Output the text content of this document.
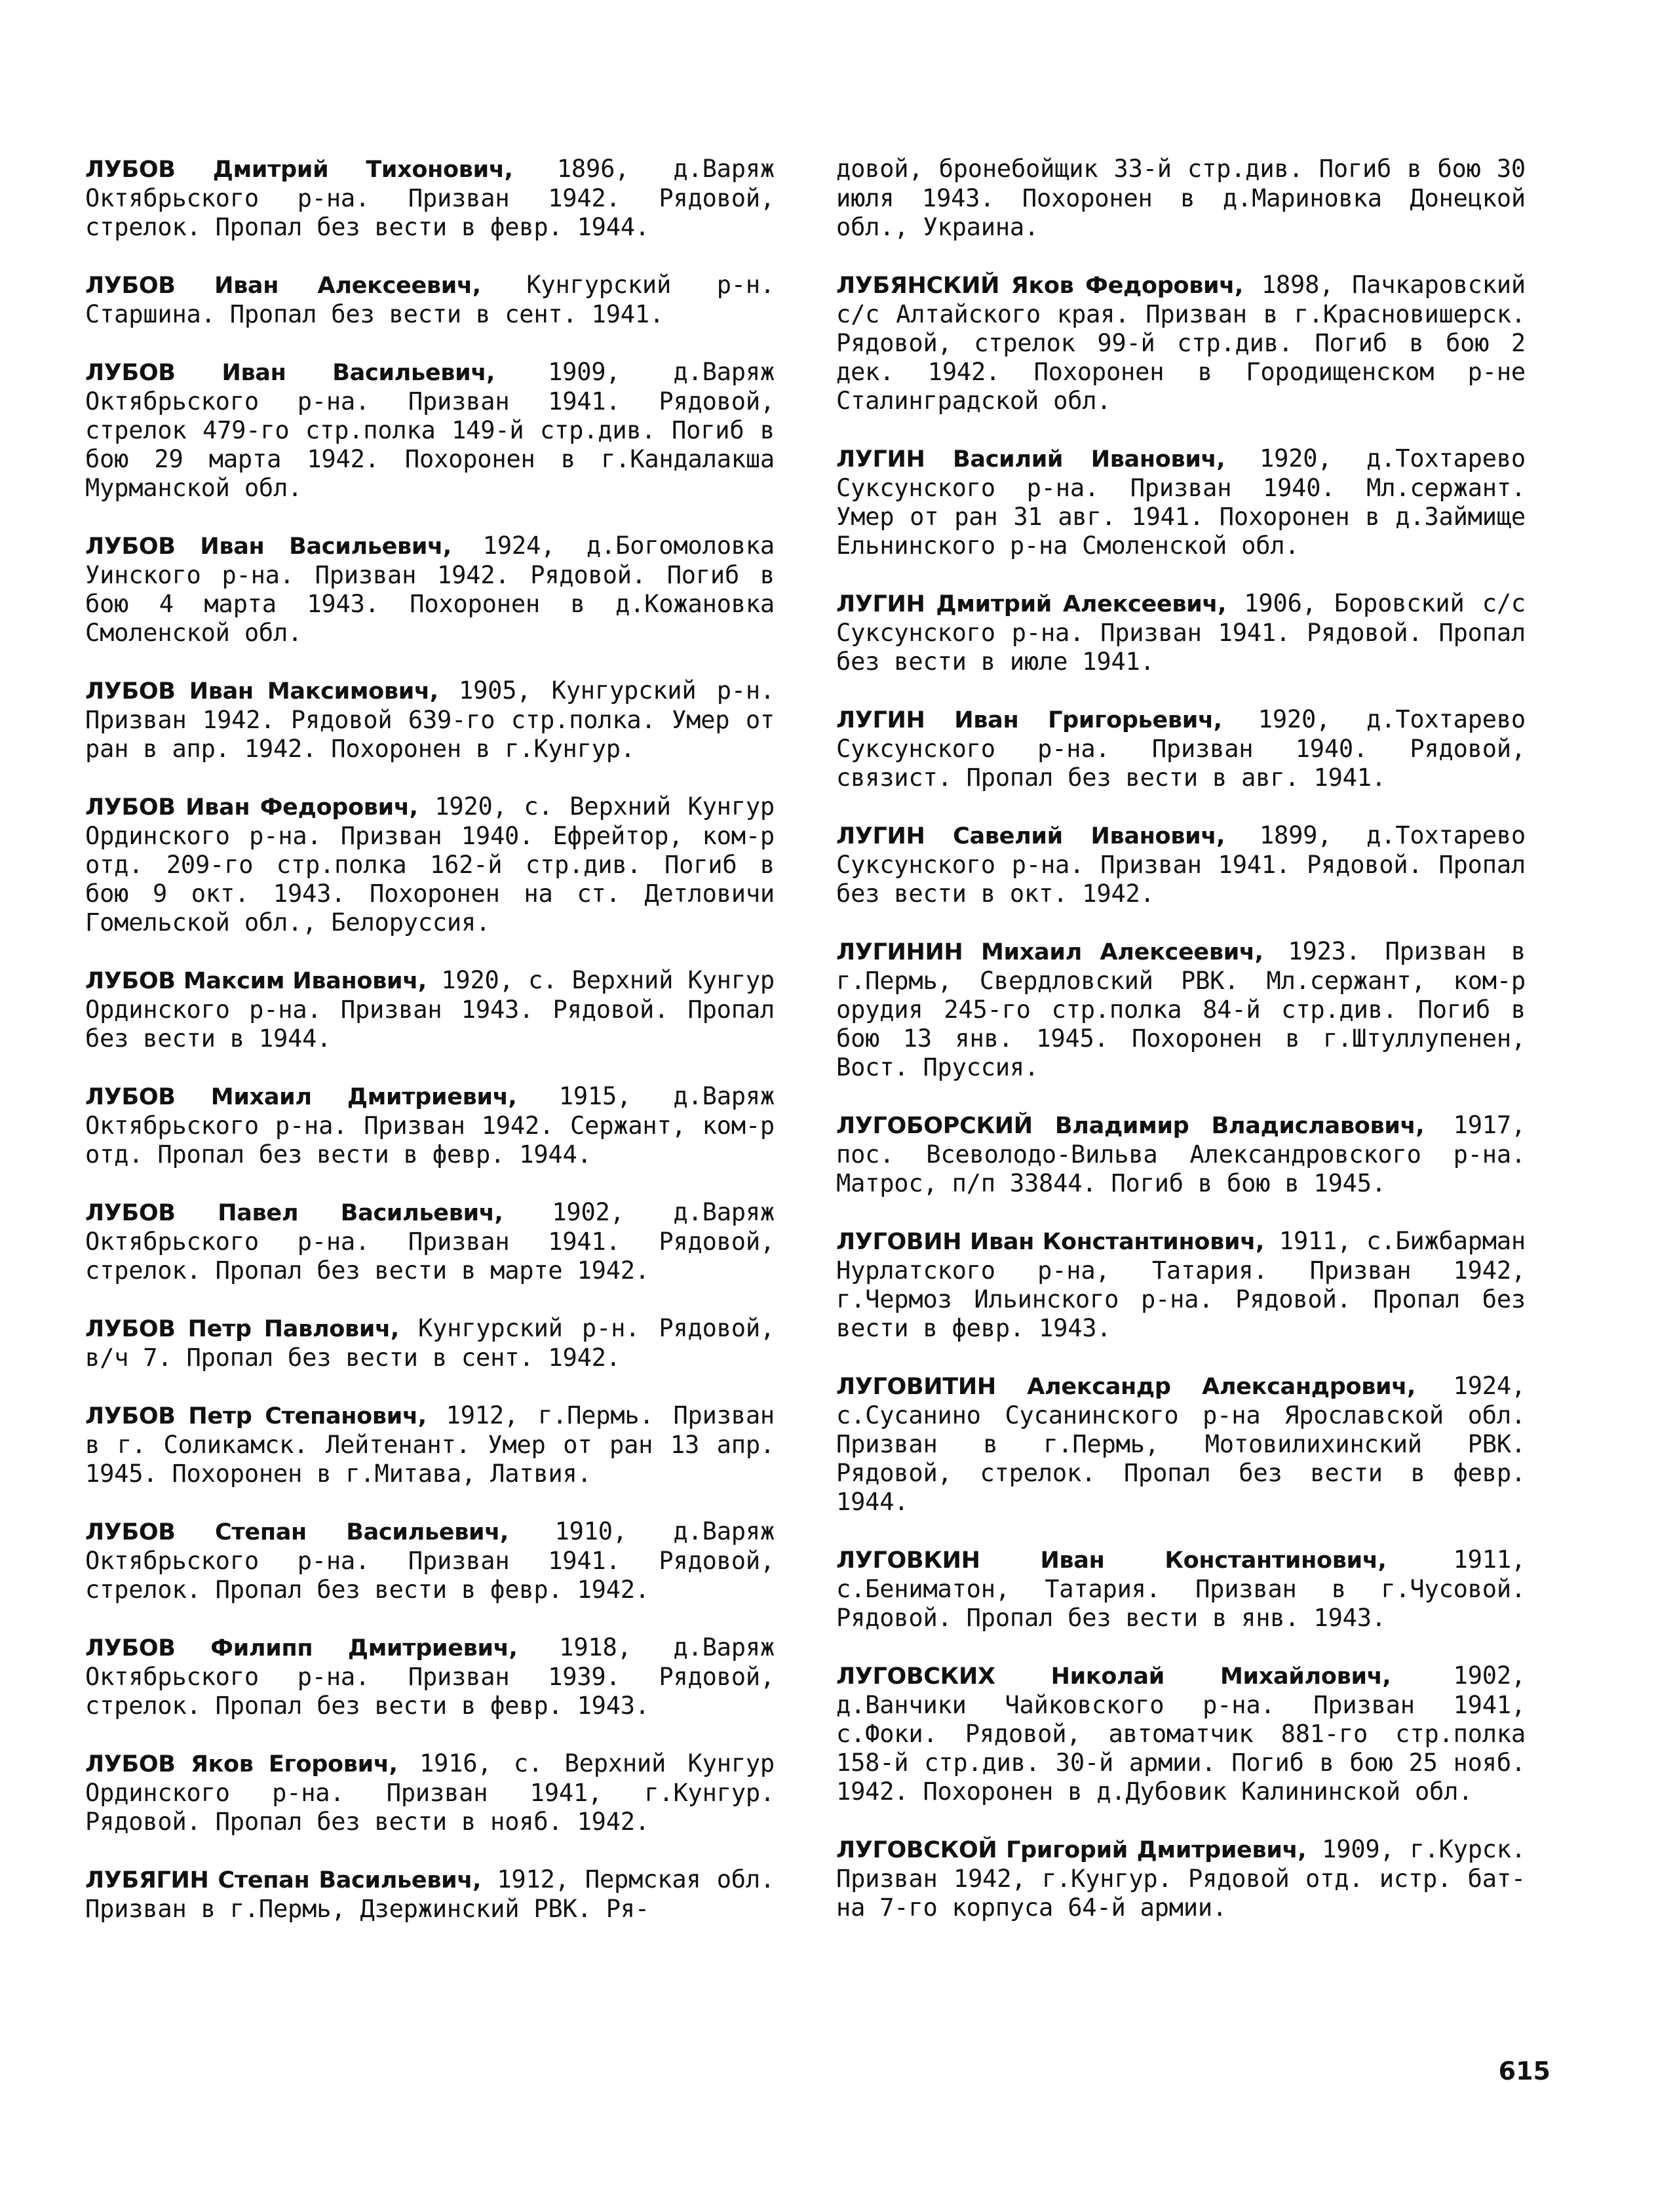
ЛУБОВ Дмитрий Тихонович, 1896, д.Варяж Октябрьского р-на. Призван 1942. Рядовой, стрелок. Пропал без вести в февр. 1944.

ЛУБОВ Иван Алексеевич, Кунгурский р-н. Старшина. Пропал без вести в сент. 1941.

ЛУБОВ Иван Васильевич, 1909, д.Варяж Октябрьского р-на. Призван 1941. Рядовой, стрелок 479-го стр.полка 149-й стр.див. Погиб в бою 29 марта 1942. Похоронен в г.Кандалакша Мурманской обл.

ЛУБОВ Иван Васильевич, 1924, д.Богомоловка Уинского р-на. Призван 1942. Рядовой. Погиб в бою 4 марта 1943. Похоронен в д.Кожановка Смоленской обл.

ЛУБОВ Иван Максимович, 1905, Кунгурский р-н. Призван 1942. Рядовой 639-го стр.полка. Умер от ран в апр. 1942. Похоронен в г.Кунгур.

ЛУБОВ Иван Федорович, 1920, с. Верхний Кунгур Ординского р-на. Призван 1940. Ефрейтор, ком-р отд. 209-го стр.полка 162-й стр.див. Погиб в бою 9 окт. 1943. Похоронен на ст. Детловичи Гомельской обл., Белоруссия.

ЛУБОВ Максим Иванович, 1920, с. Верхний Кунгур Ординского р-на. Призван 1943. Рядовой. Пропал без вести в 1944.

ЛУБОВ Михаил Дмитриевич, 1915, д.Варяж Октябрьского р-на. Призван 1942. Сержант, ком-р отд. Пропал без вести в февр. 1944.

ЛУБОВ Павел Васильевич, 1902, д.Варяж Октябрьского р-на. Призван 1941. Рядовой, стрелок. Пропал без вести в марте 1942.

ЛУБОВ Петр Павлович, Кунгурский р-н. Рядовой, в/ч 7. Пропал без вести в сент. 1942.

ЛУБОВ Петр Степанович, 1912, г.Пермь. Призван в г. Соликамск. Лейтенант. Умер от ран 13 апр. 1945. Похоронен в г.Митава, Латвия.

ЛУБОВ Степан Васильевич, 1910, д.Варяж Октябрьского р-на. Призван 1941. Рядовой, стрелок. Пропал без вести в февр. 1942.

ЛУБОВ Филипп Дмитриевич, 1918, д.Варяж Октябрьского р-на. Призван 1939. Рядовой, стрелок. Пропал без вести в февр. 1943.

ЛУБОВ Яков Егорович, 1916, с. Верхний Кунгур Ординского р-на. Призван 1941, г.Кунгур. Рядовой. Пропал без вести в нояб. 1942.

ЛУБЯГИН Степан Васильевич, 1912, Пермская обл. Призван в г.Пермь, Дзержинский РВК. Ря-

довой, бронебойщик 33-й стр.див. Погиб в бою 30 июля 1943. Похоронен в д.Мариновка Донецкой обл., Украина.

ЛУБЯНСКИЙ Яков Федорович, 1898, Пачкаровский с/с Алтайского края. Призван в г.Красновишерск. Рядовой, стрелок 99-й стр.див. Погиб в бою 2 дек. 1942. Похоронен в Городищенском р-не Сталинградской обл.

ЛУГИН Василий Иванович, 1920, д.Тохтарево Суксунского р-на. Призван 1940. Мл.сержант. Умер от ран 31 авг. 1941. Похоронен в д.Займище Ельнинского р-на Смоленской обл.

ЛУГИН Дмитрий Алексеевич, 1906, Боровский с/с Суксунского р-на. Призван 1941. Рядовой. Пропал без вести в июле 1941.

ЛУГИН Иван Григорьевич, 1920, д.Тохтарево Суксунского р-на. Призван 1940. Рядовой, связист. Пропал без вести в авг. 1941.

ЛУГИН Савелий Иванович, 1899, д.Тохтарево Суксунского р-на. Призван 1941. Рядовой. Пропал без вести в окт. 1942.

ЛУГИНИН Михаил Алексеевич, 1923. Призван в г.Пермь, Свердловский РВК. Мл.сержант, ком-р орудия 245-го стр.полка 84-й стр.див. Погиб в бою 13 янв. 1945. Похоронен в г.Штуллупенен, Вост. Пруссия.

ЛУГОБОРСКИЙ Владимир Владиславович, 1917, пос. Всеволодо-Вильва Александровского р-на. Матрос, п/п 33844. Погиб в бою в 1945.

ЛУГОВИН Иван Константинович, 1911, с.Бижбарман Нурлатского р-на, Татария. Призван 1942, г.Чермоз Ильинского р-на. Рядовой. Пропал без вести в февр. 1943.

ЛУГОВИТИН Александр Александрович, 1924, с.Сусанино Сусанинского р-на Ярославской обл. Призван в г.Пермь, Мотовилихинский РВК. Рядовой, стрелок. Пропал без вести в февр. 1944.

ЛУГОВКИН Иван Константинович,	1911, с.Бениматон, Татария. Призван в г.Чусовой. Рядовой. Пропал без вести в янв. 1943.

ЛУГОВСКИХ Николай Михайлович,	1902, д.Ванчики Чайковского р-на. Призван 1941, с.Фоки. Рядовой, автоматчик 881-го стр.полка 158-й стр.див. 30-й армии. Погиб в бою 25 нояб. 1942. Похоронен в д.Дубовик Калининской обл.

ЛУГОВСКОЙ Григорий Дмитриевич, 1909, г.Курск. Призван 1942, г.Кунгур. Рядовой отд. истр. бат-на 7-го корпуса 64-й армии.

615
